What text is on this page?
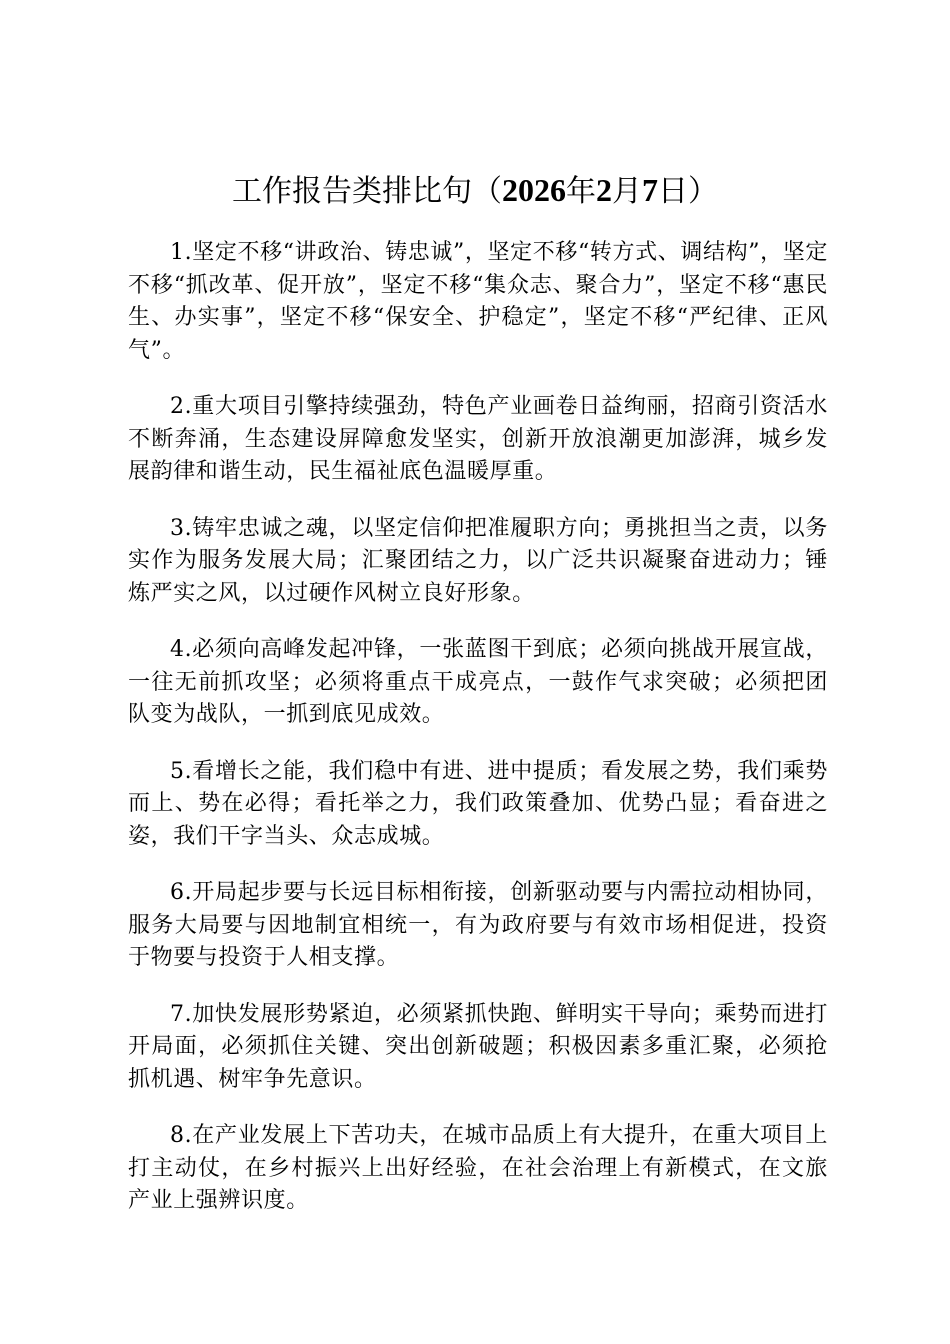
工作报告类排比句（2026年2月7日）

1.坚定不移“讲政治、铸忠诚”，坚定不移“转方式、调结构”，坚定不移“抓改革、促开放”，坚定不移“集众志、聚合力”，坚定不移“惠民生、办实事”，坚定不移“保安全、护稳定”，坚定不移“严纪律、正风气”。

2.重大项目引擎持续强劲，特色产业画卷日益绚丽，招商引资活水不断奔涌，生态建设屏障愈发坚实，创新开放浪潮更加澎湃，城乡发展韵律和谐生动，民生福祉底色温暖厚重。

3.铸牢忠诚之魂，以坚定信仰把准履职方向；勇挑担当之责，以务实作为服务发展大局；汇聚团结之力，以广泛共识凝聚奋进动力；锤炼严实之风，以过硬作风树立良好形象。

4.必须向高峰发起冲锋，一张蓝图干到底；必须向挑战开展宣战，一往无前抓攻坚；必须将重点干成亮点，一鼓作气求突破；必须把团队变为战队，一抓到底见成效。

5.看增长之能，我们稳中有进、进中提质；看发展之势，我们乘势而上、势在必得；看托举之力，我们政策叠加、优势凸显；看奋进之姿，我们干字当头、众志成城。

6.开局起步要与长远目标相衔接，创新驱动要与内需拉动相协同，服务大局要与因地制宜相统一，有为政府要与有效市场相促进，投资于物要与投资于人相支撑。

7.加快发展形势紧迫，必须紧抓快跑、鲜明实干导向；乘势而进打开局面，必须抓住关键、突出创新破题；积极因素多重汇聚，必须抢抓机遇、树牢争先意识。

8.在产业发展上下苦功夫，在城市品质上有大提升，在重大项目上打主动仗，在乡村振兴上出好经验，在社会治理上有新模式，在文旅产业上强辨识度。
